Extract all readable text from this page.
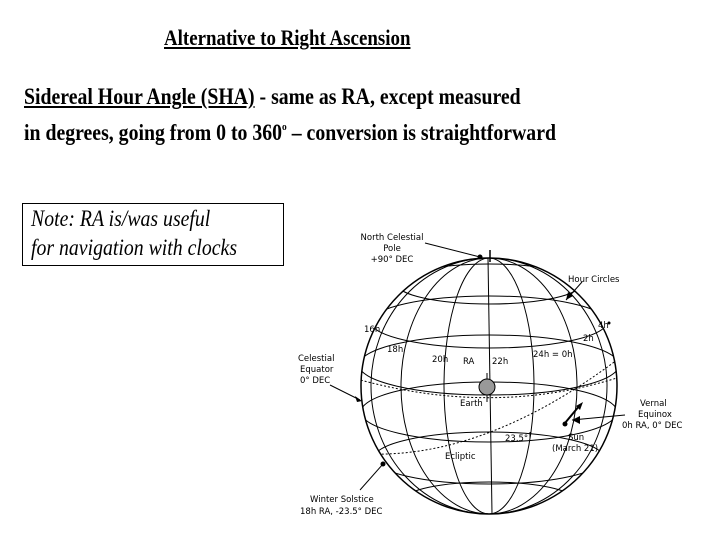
Alternative to Right Ascension
Sidereal Hour Angle (SHA) - same as RA, except measured
in degrees, going from 0 to 360$^o$ – conversion is straightforward
Note: RA is/was useful
for navigation with clocks	North Celestial
Pole
+90° DEC
Hour Circles
16h
18h
20h RA 22h
24h = 0h
2h
4h
Celestial
Equator
0° DEC
Earth	Vernal
Equinox
0h RA, 0° DEC
23.5°	Sun
(March 21)
Ecliptic
Winter Solstice
18h RA, -23.5° DEC
